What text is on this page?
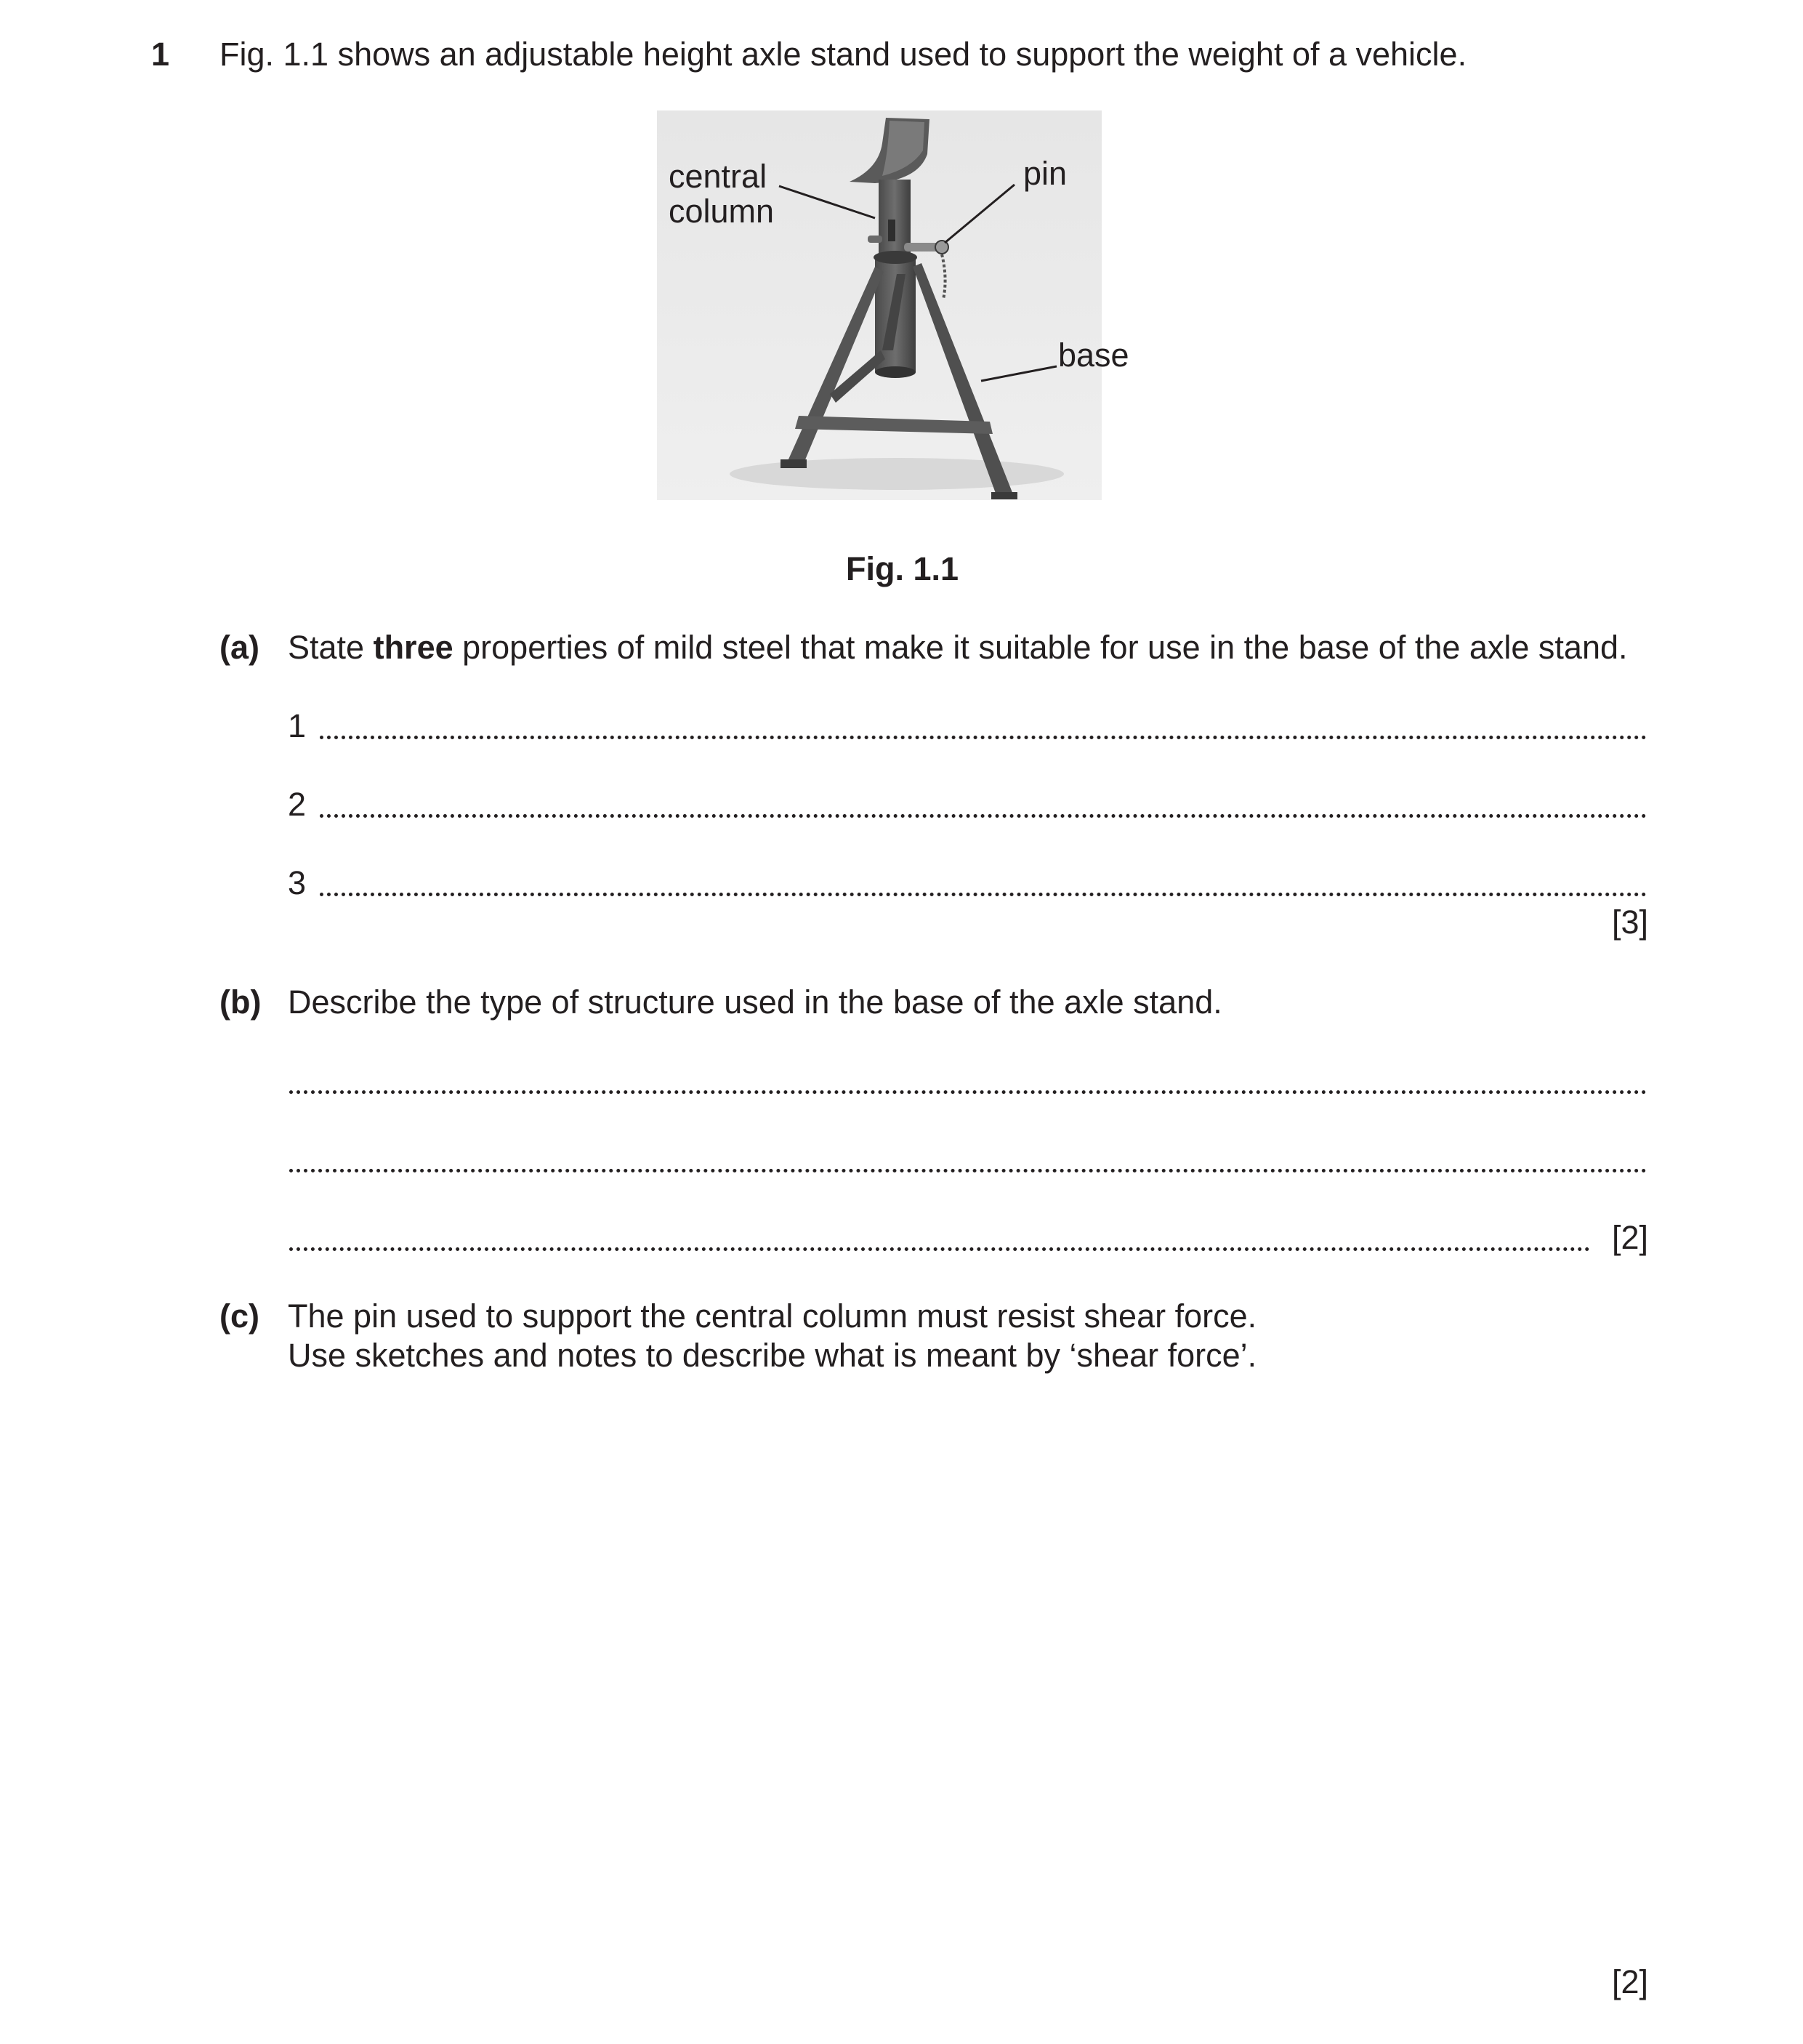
1 Fig. 1.1 shows an adjustable height axle stand used to support the weight of a vehicle.
central
column
pin
base
Fig. 1.1
(a) State three properties of mild steel that make it suitable for use in the base of the axle stand.
1
2
3
[3]
(b) Describe the type of structure used in the base of the axle stand.
[2]
(c) The pin used to support the central column must resist shear force.
Use sketches and notes to describe what is meant by ‘shear force’.
[2]
